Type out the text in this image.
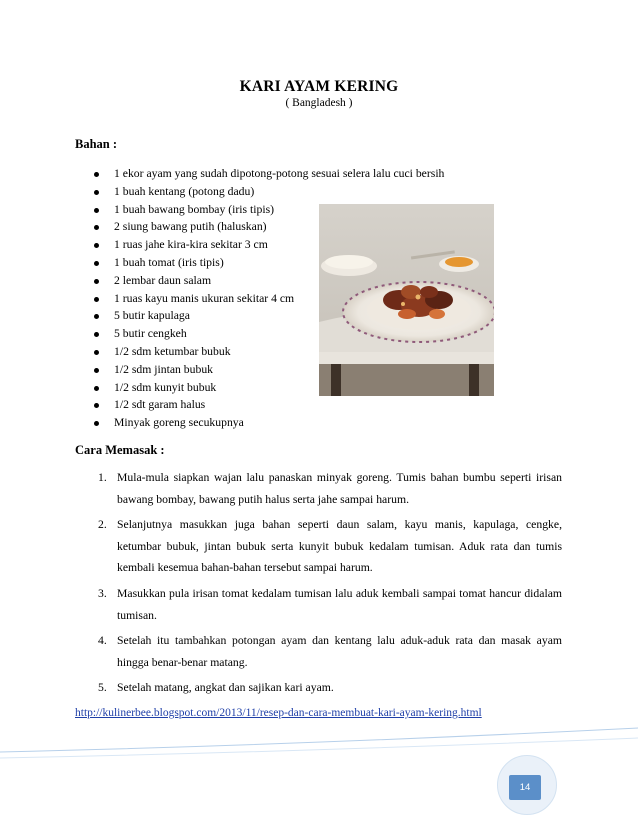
KARI AYAM KERING
( Bangladesh )
Bahan :
1 ekor ayam yang sudah dipotong-potong sesuai selera lalu cuci bersih
1 buah kentang (potong dadu)
1 buah bawang bombay (iris tipis)
2 siung bawang putih (haluskan)
1 ruas jahe kira-kira sekitar 3 cm
1 buah tomat (iris tipis)
2 lembar daun salam
1 ruas kayu manis ukuran sekitar 4 cm
5 butir kapulaga
5 butir cengkeh
1/2 sdm ketumbar bubuk
1/2 sdm jintan bubuk
1/2 sdm kunyit bubuk
1/2 sdt garam halus
Minyak goreng secukupnya
Cara Memasak :
1. Mula-mula siapkan wajan lalu panaskan minyak goreng. Tumis bahan bumbu seperti irisan bawang bombay, bawang putih halus serta jahe sampai harum.
2. Selanjutnya masukkan juga bahan seperti daun salam, kayu manis, kapulaga, cengke, ketumbar bubuk, jintan bubuk serta kunyit bubuk kedalam tumisan. Aduk rata dan tumis kembali kesemua bahan-bahan tersebut sampai harum.
3. Masukkan pula irisan tomat kedalam tumisan lalu aduk kembali sampai tomat hancur didalam tumisan.
4. Setelah itu tambahkan potongan ayam dan kentang lalu aduk-aduk rata dan masak ayam hingga benar-benar matang.
5. Setelah matang, angkat dan sajikan kari ayam.
http://kulinerbee.blogspot.com/2013/11/resep-dan-cara-membuat-kari-ayam-kering.html
14
